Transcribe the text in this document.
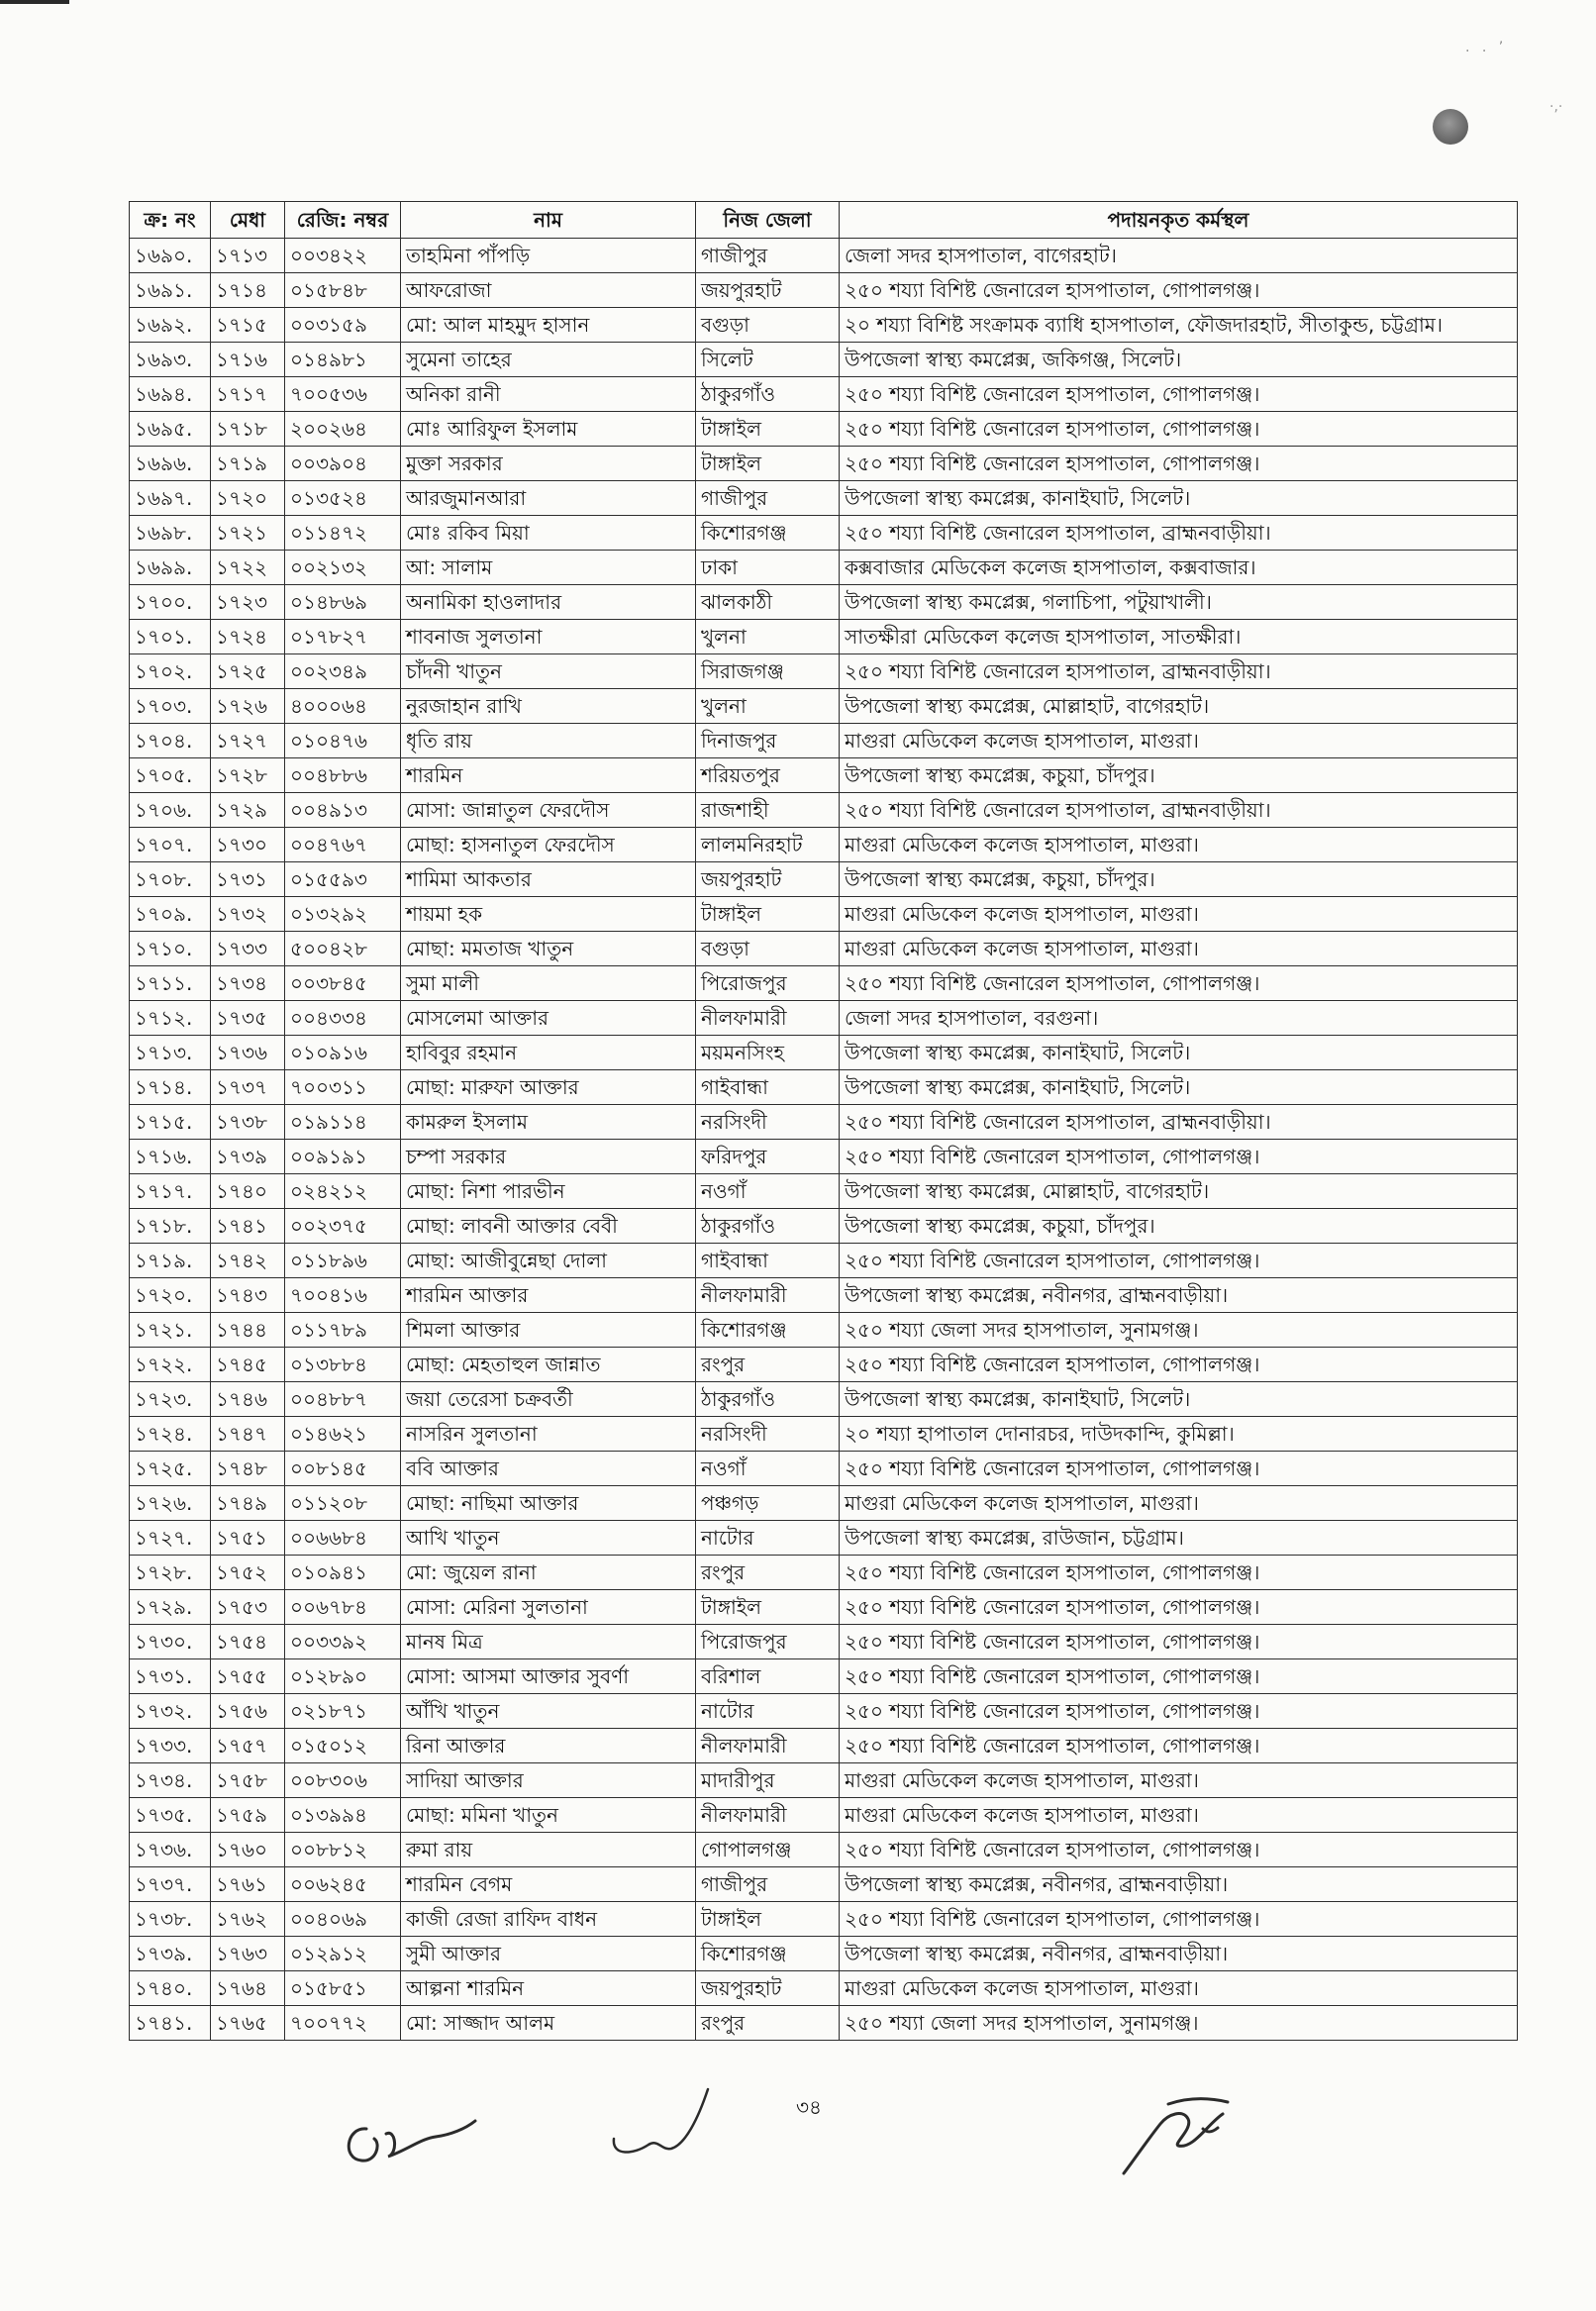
. . ’
·,·
ক্র: নং	মেধা	রেজি: নম্বর	নাম	নিজ জেলা	পদায়নকৃত কর্মস্থল
১৬৯০.	১৭১৩	০০৩৪২২	তাহমিনা পাঁপড়ি	গাজীপুর	জেলা সদর হাসপাতাল, বাগেরহাট।
১৬৯১.	১৭১৪	০১৫৮৪৮	আফরোজা	জয়পুরহাট	২৫০ শয্যা বিশিষ্ট জেনারেল হাসপাতাল, গোপালগঞ্জ।
১৬৯২.	১৭১৫	০০৩১৫৯	মো: আল মাহমুদ হাসান	বগুড়া	২০ শয্যা বিশিষ্ট সংক্রামক ব্যাধি হাসপাতাল, ফৌজদারহাট, সীতাকুন্ড, চট্টগ্রাম।
১৬৯৩.	১৭১৬	০১৪৯৮১	সুমেনা তাহের	সিলেট	উপজেলা স্বাস্থ্য কমপ্লেক্স, জকিগঞ্জ, সিলেট।
১৬৯৪.	১৭১৭	৭০০৫৩৬	অনিকা রানী	ঠাকুরগাঁও	২৫০ শয্যা বিশিষ্ট জেনারেল হাসপাতাল, গোপালগঞ্জ।
১৬৯৫.	১৭১৮	২০০২৬৪	মোঃ আরিফুল ইসলাম	টাঙ্গাইল	২৫০ শয্যা বিশিষ্ট জেনারেল হাসপাতাল, গোপালগঞ্জ।
১৬৯৬.	১৭১৯	০০৩৯০৪	মুক্তা সরকার	টাঙ্গাইল	২৫০ শয্যা বিশিষ্ট জেনারেল হাসপাতাল, গোপালগঞ্জ।
১৬৯৭.	১৭২০	০১৩৫২৪	আরজুমানআরা	গাজীপুর	উপজেলা স্বাস্থ্য কমপ্লেক্স, কানাইঘাট, সিলেট।
১৬৯৮.	১৭২১	০১১৪৭২	মোঃ রকিব মিয়া	কিশোরগঞ্জ	২৫০ শয্যা বিশিষ্ট জেনারেল হাসপাতাল, ব্রাহ্মনবাড়ীয়া।
১৬৯৯.	১৭২২	০০২১৩২	আ: সালাম	ঢাকা	কক্সবাজার মেডিকেল কলেজ হাসপাতাল, কক্সবাজার।
১৭০০.	১৭২৩	০১৪৮৬৯	অনামিকা হাওলাদার	ঝালকাঠী	উপজেলা স্বাস্থ্য কমপ্লেক্স, গলাচিপা, পটুয়াখালী।
১৭০১.	১৭২৪	০১৭৮২৭	শাবনাজ সুলতানা	খুলনা	সাতক্ষীরা মেডিকেল কলেজ হাসপাতাল, সাতক্ষীরা।
১৭০২.	১৭২৫	০০২৩৪৯	চাঁদনী খাতুন	সিরাজগঞ্জ	২৫০ শয্যা বিশিষ্ট জেনারেল হাসপাতাল, ব্রাহ্মনবাড়ীয়া।
১৭০৩.	১৭২৬	৪০০০৬৪	নুরজাহান রাখি	খুলনা	উপজেলা স্বাস্থ্য কমপ্লেক্স, মোল্লাহাট, বাগেরহাট।
১৭০৪.	১৭২৭	০১০৪৭৬	ধৃতি রায়	দিনাজপুর	মাগুরা মেডিকেল কলেজ হাসপাতাল, মাগুরা।
১৭০৫.	১৭২৮	০০৪৮৮৬	শারমিন	শরিয়তপুর	উপজেলা স্বাস্থ্য কমপ্লেক্স, কচুয়া, চাঁদপুর।
১৭০৬.	১৭২৯	০০৪৯১৩	মোসা: জান্নাতুল ফেরদৌস	রাজশাহী	২৫০ শয্যা বিশিষ্ট জেনারেল হাসপাতাল, ব্রাহ্মনবাড়ীয়া।
১৭০৭.	১৭৩০	০০৪৭৬৭	মোছা: হাসনাতুল ফেরদৌস	লালমনিরহাট	মাগুরা মেডিকেল কলেজ হাসপাতাল, মাগুরা।
১৭০৮.	১৭৩১	০১৫৫৯৩	শামিমা আকতার	জয়পুরহাট	উপজেলা স্বাস্থ্য কমপ্লেক্স, কচুয়া, চাঁদপুর।
১৭০৯.	১৭৩২	০১৩২৯২	শায়মা হক	টাঙ্গাইল	মাগুরা মেডিকেল কলেজ হাসপাতাল, মাগুরা।
১৭১০.	১৭৩৩	৫০০৪২৮	মোছা: মমতাজ খাতুন	বগুড়া	মাগুরা মেডিকেল কলেজ হাসপাতাল, মাগুরা।
১৭১১.	১৭৩৪	০০৩৮৪৫	সুমা মালী	পিরোজপুর	২৫০ শয্যা বিশিষ্ট জেনারেল হাসপাতাল, গোপালগঞ্জ।
১৭১২.	১৭৩৫	০০৪৩৩৪	মোসলেমা আক্তার	নীলফামারী	জেলা সদর হাসপাতাল, বরগুনা।
১৭১৩.	১৭৩৬	০১০৯১৬	হাবিবুর রহমান	ময়মনসিংহ	উপজেলা স্বাস্থ্য কমপ্লেক্স, কানাইঘাট, সিলেট।
১৭১৪.	১৭৩৭	৭০০৩১১	মোছা: মারুফা আক্তার	গাইবান্ধা	উপজেলা স্বাস্থ্য কমপ্লেক্স, কানাইঘাট, সিলেট।
১৭১৫.	১৭৩৮	০১৯১১৪	কামরুল ইসলাম	নরসিংদী	২৫০ শয্যা বিশিষ্ট জেনারেল হাসপাতাল, ব্রাহ্মনবাড়ীয়া।
১৭১৬.	১৭৩৯	০০৯১৯১	চম্পা সরকার	ফরিদপুর	২৫০ শয্যা বিশিষ্ট জেনারেল হাসপাতাল, গোপালগঞ্জ।
১৭১৭.	১৭৪০	০২৪২১২	মোছা: নিশা পারভীন	নওগাঁ	উপজেলা স্বাস্থ্য কমপ্লেক্স, মোল্লাহাট, বাগেরহাট।
১৭১৮.	১৭৪১	০০২৩৭৫	মোছা: লাবনী আক্তার বেবী	ঠাকুরগাঁও	উপজেলা স্বাস্থ্য কমপ্লেক্স, কচুয়া, চাঁদপুর।
১৭১৯.	১৭৪২	০১১৮৯৬	মোছা: আজীবুন্নেছা দোলা	গাইবান্ধা	২৫০ শয্যা বিশিষ্ট জেনারেল হাসপাতাল, গোপালগঞ্জ।
১৭২০.	১৭৪৩	৭০০৪১৬	শারমিন আক্তার	নীলফামারী	উপজেলা স্বাস্থ্য কমপ্লেক্স, নবীনগর, ব্রাহ্মনবাড়ীয়া।
১৭২১.	১৭৪৪	০১১৭৮৯	শিমলা আক্তার	কিশোরগঞ্জ	২৫০ শয্যা জেলা সদর হাসপাতাল, সুনামগঞ্জ।
১৭২২.	১৭৪৫	০১৩৮৮৪	মোছা: মেহতাহুল জান্নাত	রংপুর	২৫০ শয্যা বিশিষ্ট জেনারেল হাসপাতাল, গোপালগঞ্জ।
১৭২৩.	১৭৪৬	০০৪৮৮৭	জয়া তেরেসা চক্রবর্তী	ঠাকুরগাঁও	উপজেলা স্বাস্থ্য কমপ্লেক্স, কানাইঘাট, সিলেট।
১৭২৪.	১৭৪৭	০১৪৬২১	নাসরিন সুলতানা	নরসিংদী	২০ শয্যা হাপাতাল দোনারচর, দাউদকান্দি, কুমিল্লা।
১৭২৫.	১৭৪৮	০০৮১৪৫	ববি আক্তার	নওগাঁ	২৫০ শয্যা বিশিষ্ট জেনারেল হাসপাতাল, গোপালগঞ্জ।
১৭২৬.	১৭৪৯	০১১২০৮	মোছা: নাছিমা আক্তার	পঞ্চগড়	মাগুরা মেডিকেল কলেজ হাসপাতাল, মাগুরা।
১৭২৭.	১৭৫১	০০৬৬৮৪	আখি খাতুন	নাটোর	উপজেলা স্বাস্থ্য কমপ্লেক্স, রাউজান, চট্টগ্রাম।
১৭২৮.	১৭৫২	০১০৯৪১	মো: জুয়েল রানা	রংপুর	২৫০ শয্যা বিশিষ্ট জেনারেল হাসপাতাল, গোপালগঞ্জ।
১৭২৯.	১৭৫৩	০০৬৭৮৪	মোসা: মেরিনা সুলতানা	টাঙ্গাইল	২৫০ শয্যা বিশিষ্ট জেনারেল হাসপাতাল, গোপালগঞ্জ।
১৭৩০.	১৭৫৪	০০৩৩৯২	মানষ মিত্র	পিরোজপুর	২৫০ শয্যা বিশিষ্ট জেনারেল হাসপাতাল, গোপালগঞ্জ।
১৭৩১.	১৭৫৫	০১২৮৯০	মোসা: আসমা আক্তার সুবর্ণা	বরিশাল	২৫০ শয্যা বিশিষ্ট জেনারেল হাসপাতাল, গোপালগঞ্জ।
১৭৩২.	১৭৫৬	০২১৮৭১	আঁখি খাতুন	নাটোর	২৫০ শয্যা বিশিষ্ট জেনারেল হাসপাতাল, গোপালগঞ্জ।
১৭৩৩.	১৭৫৭	০১৫০১২	রিনা আক্তার	নীলফামারী	২৫০ শয্যা বিশিষ্ট জেনারেল হাসপাতাল, গোপালগঞ্জ।
১৭৩৪.	১৭৫৮	০০৮৩০৬	সাদিয়া আক্তার	মাদারীপুর	মাগুরা মেডিকেল কলেজ হাসপাতাল, মাগুরা।
১৭৩৫.	১৭৫৯	০১৩৯৯৪	মোছা: মমিনা খাতুন	নীলফামারী	মাগুরা মেডিকেল কলেজ হাসপাতাল, মাগুরা।
১৭৩৬.	১৭৬০	০০৮৮১২	রুমা রায়	গোপালগঞ্জ	২৫০ শয্যা বিশিষ্ট জেনারেল হাসপাতাল, গোপালগঞ্জ।
১৭৩৭.	১৭৬১	০০৬২৪৫	শারমিন বেগম	গাজীপুর	উপজেলা স্বাস্থ্য কমপ্লেক্স, নবীনগর, ব্রাহ্মনবাড়ীয়া।
১৭৩৮.	১৭৬২	০০৪০৬৯	কাজী রেজা রাফিদ বাধন	টাঙ্গাইল	২৫০ শয্যা বিশিষ্ট জেনারেল হাসপাতাল, গোপালগঞ্জ।
১৭৩৯.	১৭৬৩	০১২৯১২	সুমী আক্তার	কিশোরগঞ্জ	উপজেলা স্বাস্থ্য কমপ্লেক্স, নবীনগর, ব্রাহ্মনবাড়ীয়া।
১৭৪০.	১৭৬৪	০১৫৮৫১	আল্পনা শারমিন	জয়পুরহাট	মাগুরা মেডিকেল কলেজ হাসপাতাল, মাগুরা।
১৭৪১.	১৭৬৫	৭০০৭৭২	মো: সাজ্জাদ আলম	রংপুর	২৫০ শয্যা জেলা সদর হাসপাতাল, সুনামগঞ্জ।
৩৪
